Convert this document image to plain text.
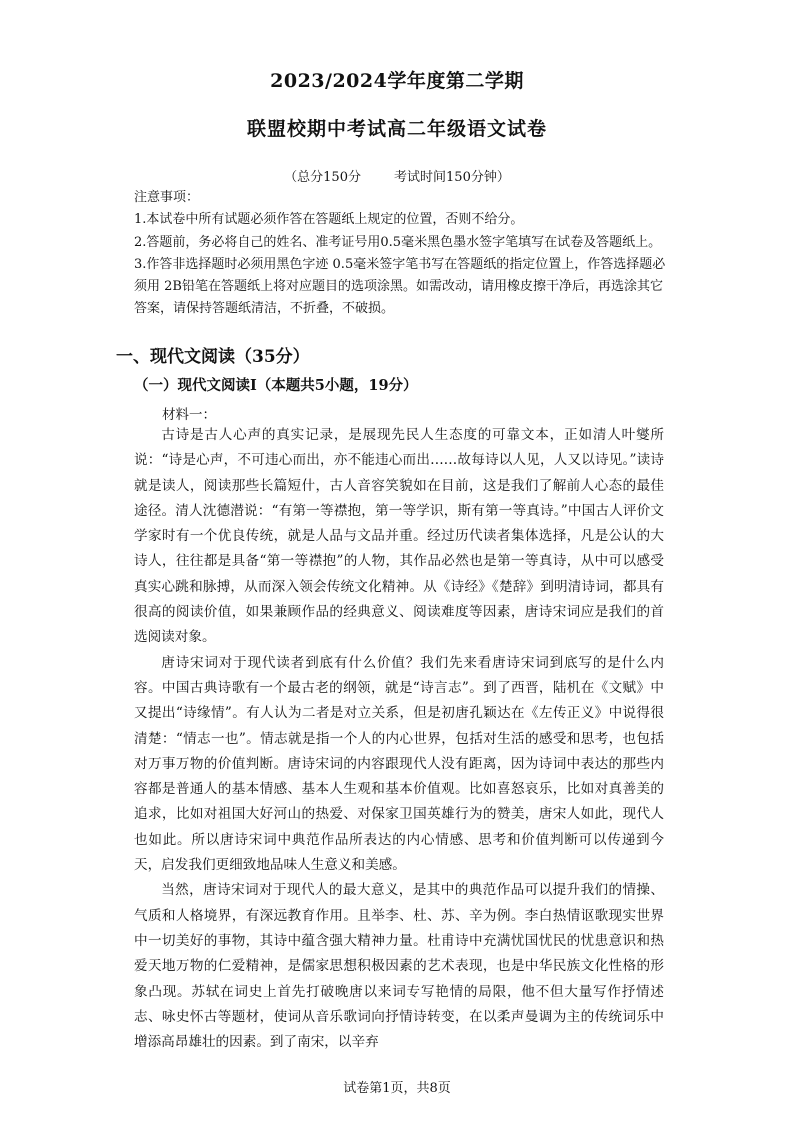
2023/2024学年度第二学期
联盟校期中考试高二年级语文试卷
（总分150分        考试时间150分钟）
注意事项：
1.本试卷中所有试题必须作答在答题纸上规定的位置，否则不给分。
2.答题前，务必将自己的姓名、准考证号用0.5毫米黑色墨水签字笔填写在试卷及答题纸上。
3.作答非选择题时必须用黑色字迹 0.5毫米签字笔书写在答题纸的指定位置上，作答选择题必须用 2B铅笔在答题纸上将对应题目的选项涂黑。如需改动，请用橡皮擦干净后，再选涂其它答案，请保持答题纸清洁，不折叠，不破损。
一、现代文阅读（35分）
（一）现代文阅读Ⅰ（本题共5小题，19分）
材料一：

古诗是古人心声的真实记录，是展现先民人生态度的可靠文本，正如清人叶燮所说：“诗是心声，不可违心而出，亦不能违心而出……故每诗以人见，人又以诗见。”读诗就是读人，阅读那些长篇短什，古人音容笑貌如在目前，这是我们了解前人心态的最佳途径。清人沈德潜说：“有第一等襟抱，第一等学识，斯有第一等真诗。”中国古人评价文学家时有一个优良传统，就是人品与文品并重。经过历代读者集体选择，凡是公认的大诗人，往往都是具备“第一等襟抱”的人物，其作品必然也是第一等真诗，从中可以感受真实心跳和脉搏，从而深入领会传统文化精神。从《诗经》《楚辞》到明清诗词，都具有很高的阅读价值，如果兼顾作品的经典意义、阅读难度等因素，唐诗宋词应是我们的首选阅读对象。

唐诗宋词对于现代读者到底有什么价值？我们先来看唐诗宋词到底写的是什么内容。中国古典诗歌有一个最古老的纲领，就是“诗言志”。到了西晋，陆机在《文赋》中又提出“诗缘情”。有人认为二者是对立关系，但是初唐孔颖达在《左传正义》中说得很清楚：“情志一也”。情志就是指一个人的内心世界，包括对生活的感受和思考，也包括对万事万物的价值判断。唐诗宋词的内容跟现代人没有距离，因为诗词中表达的那些内容都是普通人的基本情感、基本人生观和基本价值观。比如喜怒哀乐，比如对真善美的追求，比如对祖国大好河山的热爱、对保家卫国英雄行为的赞美，唐宋人如此，现代人也如此。所以唐诗宋词中典范作品所表达的内心情感、思考和价值判断可以传递到今天，启发我们更细致地品味人生意义和美感。

当然，唐诗宋词对于现代人的最大意义，是其中的典范作品可以提升我们的情操、气质和人格境界，有深远教育作用。且举李、杜、苏、辛为例。李白热情讴歌现实世界中一切美好的事物，其诗中蕴含强大精神力量。杜甫诗中充满忧国忧民的忧患意识和热爱天地万物的仁爱精神，是儒家思想积极因素的艺术表现，也是中华民族文化性格的形象凸现。苏轼在词史上首先打破晚唐以来词专写艳情的局限，他不但大量写作抒情述志、咏史怀古等题材，使词从音乐歌词向抒情诗转变，在以柔声曼调为主的传统词乐中增添高昂雄壮的因素。到了南宋，以辛弃

试卷第1页，共8页
